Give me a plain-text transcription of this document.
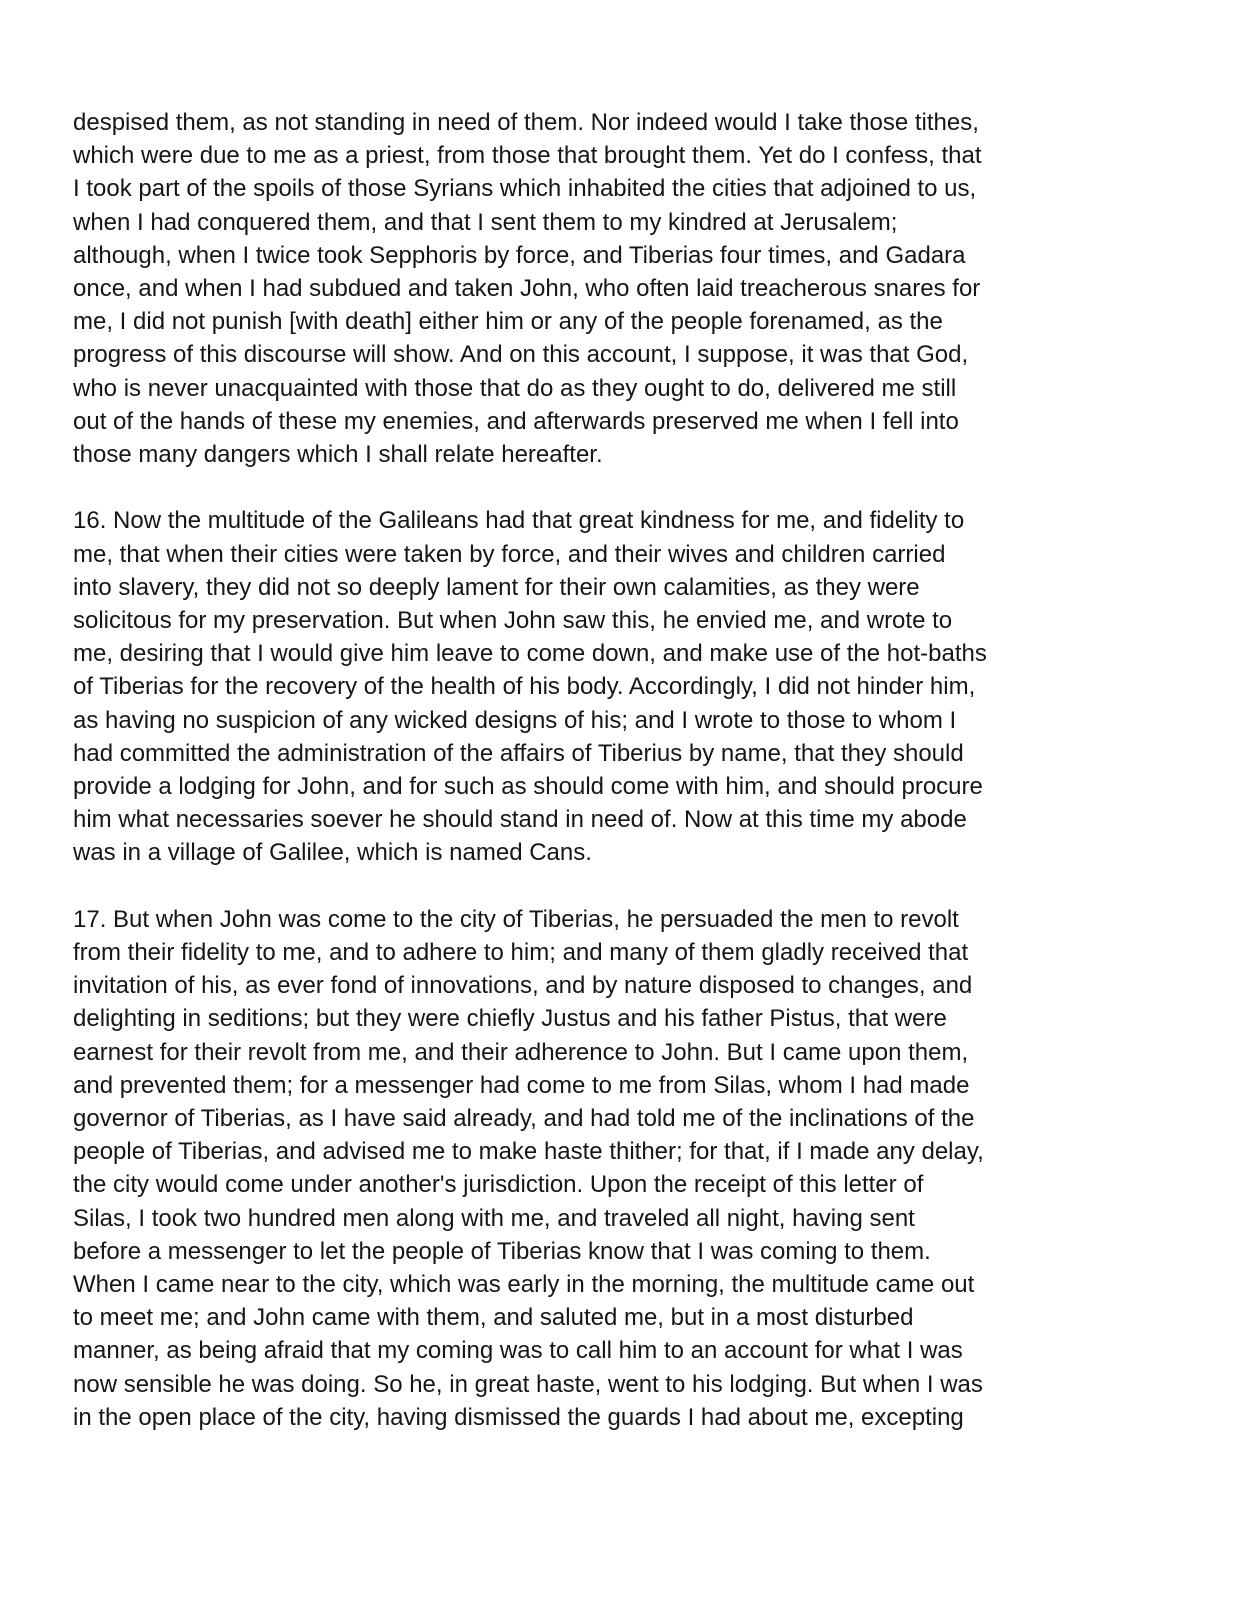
despised them, as not standing in need of them. Nor indeed would I take those tithes,
which were due to me as a priest, from those that brought them. Yet do I confess, that
I took part of the spoils of those Syrians which inhabited the cities that adjoined to us,
when I had conquered them, and that I sent them to my kindred at Jerusalem;
although, when I twice took Sepphoris by force, and Tiberias four times, and Gadara
once, and when I had subdued and taken John, who often laid treacherous snares for
me, I did not punish [with death] either him or any of the people forenamed, as the
progress of this discourse will show. And on this account, I suppose, it was that God,
who is never unacquainted with those that do as they ought to do, delivered me still
out of the hands of these my enemies, and afterwards preserved me when I fell into
those many dangers which I shall relate hereafter.
16. Now the multitude of the Galileans had that great kindness for me, and fidelity to
me, that when their cities were taken by force, and their wives and children carried
into slavery, they did not so deeply lament for their own calamities, as they were
solicitous for my preservation. But when John saw this, he envied me, and wrote to
me, desiring that I would give him leave to come down, and make use of the hot-baths
of Tiberias for the recovery of the health of his body. Accordingly, I did not hinder him,
as having no suspicion of any wicked designs of his; and I wrote to those to whom I
had committed the administration of the affairs of Tiberius by name, that they should
provide a lodging for John, and for such as should come with him, and should procure
him what necessaries soever he should stand in need of. Now at this time my abode
was in a village of Galilee, which is named Cans.
17. But when John was come to the city of Tiberias, he persuaded the men to revolt
from their fidelity to me, and to adhere to him; and many of them gladly received that
invitation of his, as ever fond of innovations, and by nature disposed to changes, and
delighting in seditions; but they were chiefly Justus and his father Pistus, that were
earnest for their revolt from me, and their adherence to John. But I came upon them,
and prevented them; for a messenger had come to me from Silas, whom I had made
governor of Tiberias, as I have said already, and had told me of the inclinations of the
people of Tiberias, and advised me to make haste thither; for that, if I made any delay,
the city would come under another's jurisdiction. Upon the receipt of this letter of
Silas, I took two hundred men along with me, and traveled all night, having sent
before a messenger to let the people of Tiberias know that I was coming to them.
When I came near to the city, which was early in the morning, the multitude came out
to meet me; and John came with them, and saluted me, but in a most disturbed
manner, as being afraid that my coming was to call him to an account for what I was
now sensible he was doing. So he, in great haste, went to his lodging. But when I was
in the open place of the city, having dismissed the guards I had about me, excepting
